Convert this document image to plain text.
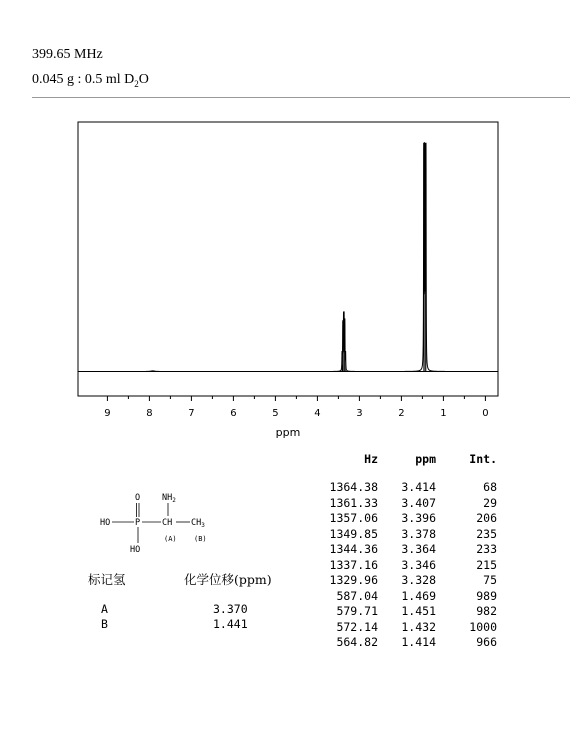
399.65 MHz
0.045 g : 0.5 ml $D_2O$
9	8	7	6	5	4	3	2	1	0
ppm
Hz	ppm	Int.
1364.38	3.414	68
1361.33	3.407	29
1357.06	3.396	206
1349.85	3.378	235
1344.36	3.364	233
1337.16	3.346	215
1329.96	3.328	75
587.04	1.469	989
579.71	1.451	982
572.14	1.432	1000
564.82	1.414	966
O	$NH_2$
HO	P	CH $CH_3$
HO
(A) (B)
标记氢	化学位移(ppm)
A	3.370
B	1.441
